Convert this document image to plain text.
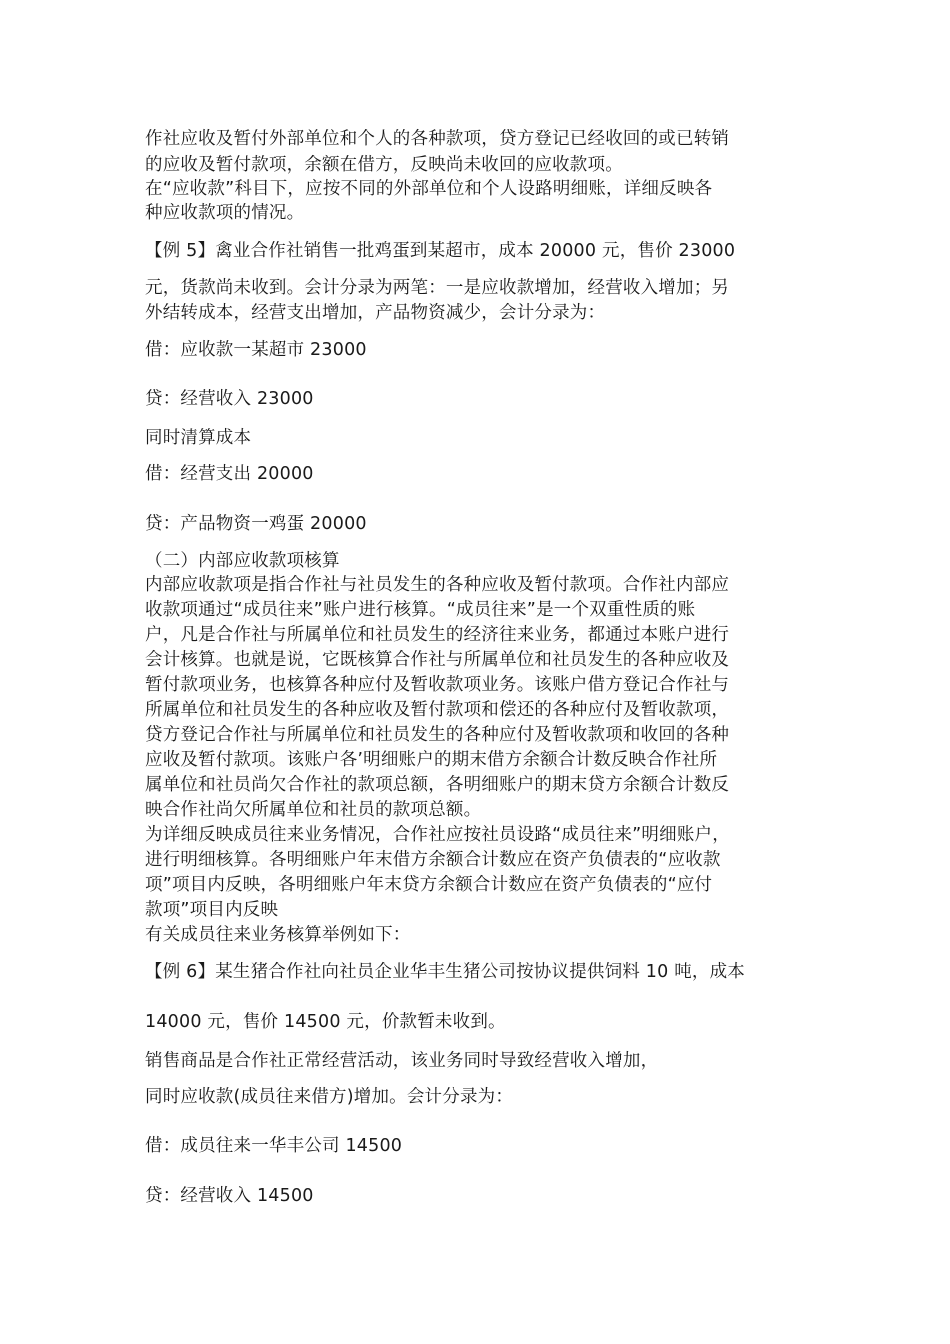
作社应收及暂付外部单位和个人的各种款项，贷方登记已经收回的或已转销
的应收及暂付款项，余额在借方，反映尚未收回的应收款项。
在“应收款”科目下，应按不同的外部单位和个人设路明细账，详细反映各
种应收款项的情况。
【例 5】禽业合作社销售一批鸡蛋到某超市，成本 20000 元，售价 23000
元，货款尚未收到。会计分录为两笔：一是应收款增加，经营收入增加；另
外结转成本，经营支出增加，产品物资减少，会计分录为：
借：应收款一某超市 23000
贷：经营收入 23000
同时清算成本
借：经营支出 20000
贷：产品物资一鸡蛋 20000
（二）内部应收款项核算
内部应收款项是指合作社与社员发生的各种应收及暂付款项。合作社内部应
收款项通过“成员往来”账户进行核算。“成员往来”是一个双重性质的账
户，凡是合作社与所属单位和社员发生的经济往来业务，都通过本账户进行
会计核算。也就是说，它既核算合作社与所属单位和社员发生的各种应收及
暂付款项业务，也核算各种应付及暂收款项业务。该账户借方登记合作社与
所属单位和社员发生的各种应收及暂付款项和偿还的各种应付及暂收款项，
贷方登记合作社与所属单位和社员发生的各种应付及暂收款项和收回的各种
应收及暂付款项。该账户各’明细账户的期末借方余额合计数反映合作社所
属单位和社员尚欠合作社的款项总额，各明细账户的期末贷方余额合计数反
映合作社尚欠所属单位和社员的款项总额。
为详细反映成员往来业务情况，合作社应按社员设路“成员往来”明细账户，
进行明细核算。各明细账户年末借方余额合计数应在资产负债表的“应收款
项”项目内反映，各明细账户年末贷方余额合计数应在资产负债表的“应付
款项”项目内反映
有关成员往来业务核算举例如下：
【例 6】某生猪合作社向社员企业华丰生猪公司按协议提供饲料 10 吨，成本
14000 元，售价 14500 元，价款暂未收到。
销售商品是合作社正常经营活动，该业务同时导致经营收入增加，
同时应收款(成员往来借方)增加。会计分录为：
借：成员往来一华丰公司 14500
贷：经营收入 14500
